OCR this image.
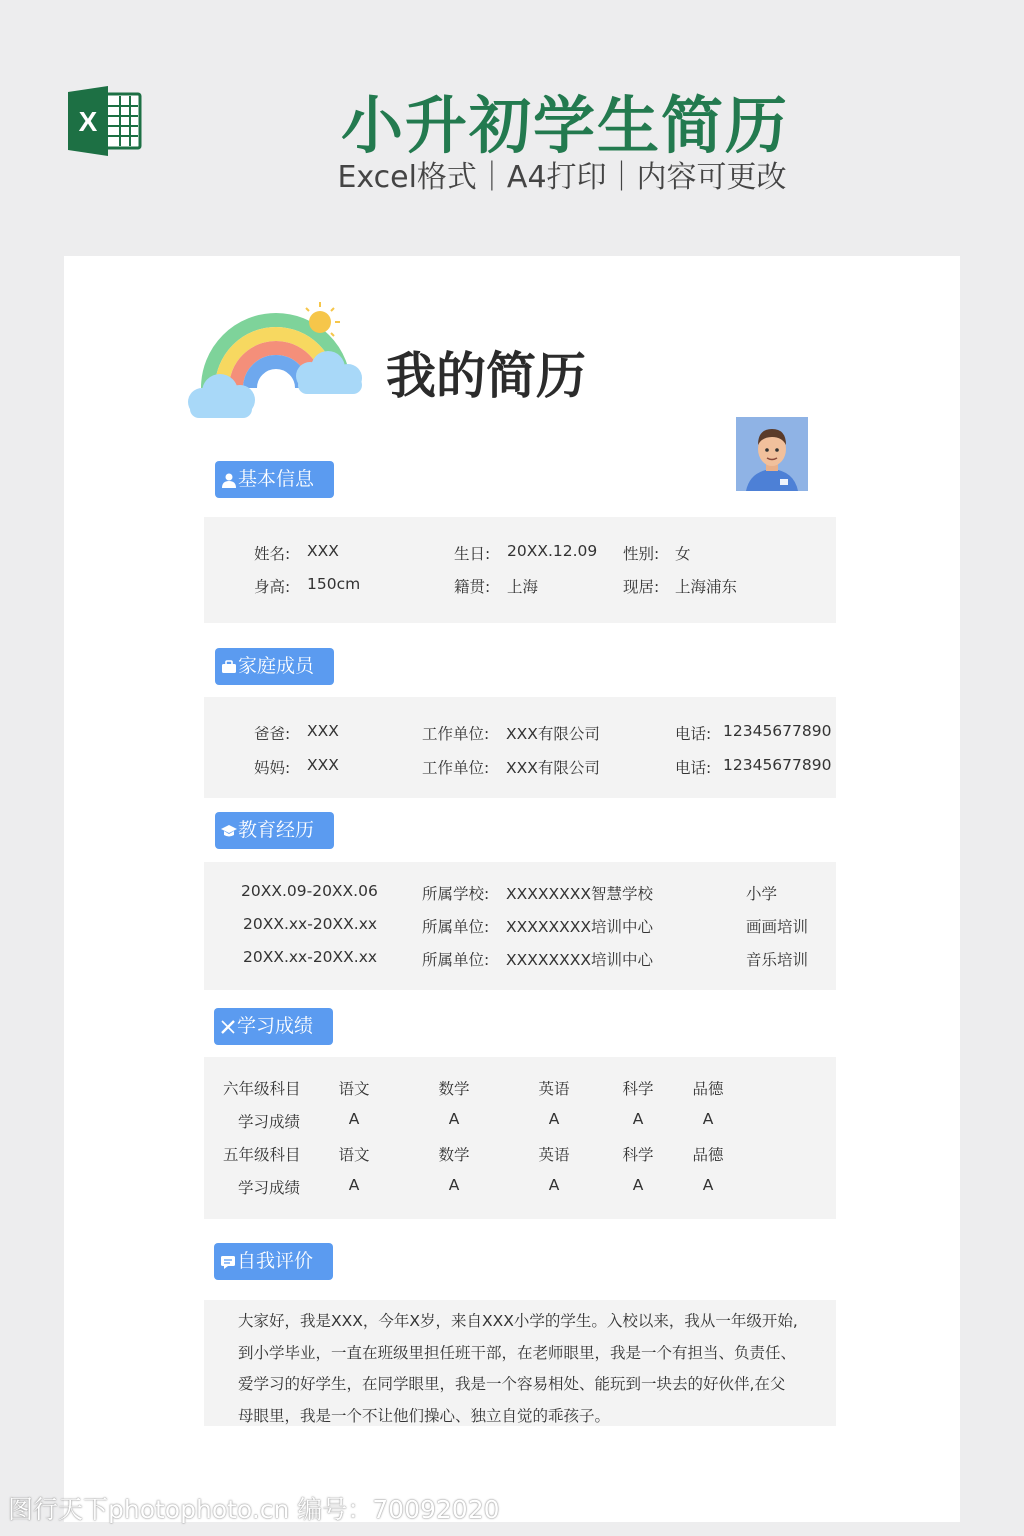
X	小升初学生简历
Excel格式｜A4打印｜内容可更改
我的简历
基本信息
姓名: XXX	生日: 20XX.12.09 性别: 女
身高: 150cm	籍贯: 上海	现居: 上海浦东
家庭成员
爸爸: XXX	工作单位: XXX有限公司	电话: 12345677890
妈妈: XXX	工作单位: XXX有限公司	电话: 12345677890
教育经历
20XX.09-20XX.06	所属学校: XXXXXXXX智慧学校	小学
20XX.xx-20XX.xx	所属单位: XXXXXXXX培训中心	画画培训
20XX.xx-20XX.xx	所属单位: XXXXXXXX培训中心	音乐培训
学习成绩
六年级科目 语文	数学	英语	科学	品德
学习成绩	A	A	A	A	A
五年级科目 语文	数学	英语	科学	品德
学习成绩	A	A	A	A	A
自我评价
大家好，我是XXX，今年X岁，来自XXX小学的学生。入校以来，我从一年级开始,
到小学毕业，一直在班级里担任班干部，在老师眼里，我是一个有担当、负责任、
爱学习的好学生，在同学眼里，我是一个容易相处、能玩到一块去的好伙伴,在父
母眼里，我是一个不让他们操心、独立自觉的乖孩子。
图行天下photophoto.cn 编号：70092020
